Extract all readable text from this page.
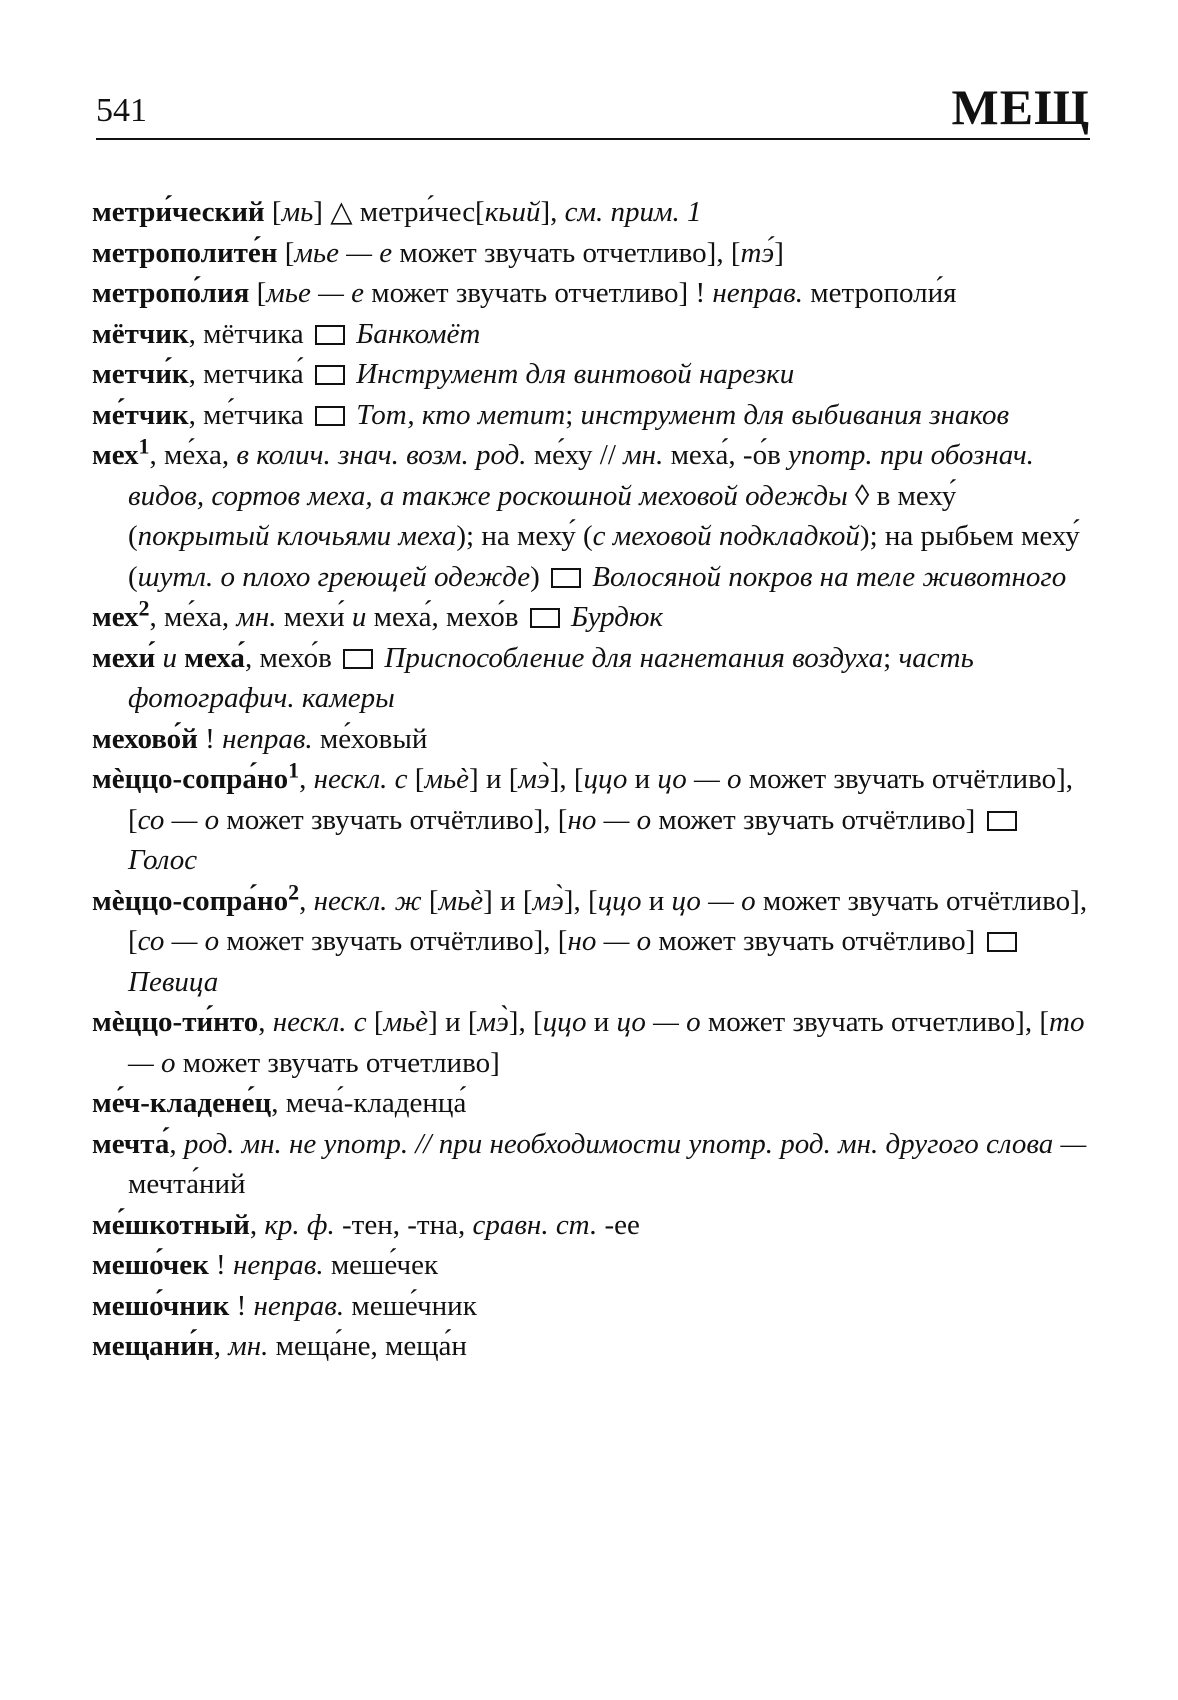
541	МЕЩ

метри́ческий [мь] △ метри́чес[кьий], см. прим. 1

метрополите́н [мье — е может звучать отчетливо], [тэ́]

метропо́лия [мье — е может звучать отчетливо] ! неправ. метрополи́я

мётчик, мётчика  Банкомёт

метчи́к, метчика́  Инструмент для винтовой нарезки

ме́тчик, ме́тчика  Тот, кто метит; инструмент для выбивания знаков

мех$^1$, ме́ха, в колич. знач. возм. род. ме́ху // мн. меха́, -о́в употр. при обознач. видов, сортов меха, а также роскошной меховой одежды ◊ в меху́ (покрытый клочьями меха); на меху́ (с меховой подкладкой); на рыбьем меху́ (шутл. о плохо греющей одежде)  Волосяной покров на теле животного

мех$^2$, ме́ха, мн. мехи́ и меха́, мехо́в  Бурдюк

мехи́ и меха́, мехо́в  Приспособление для нагнетания воздуха; часть фотографич. камеры

мехово́й ! неправ. ме́ховый

мѐццо-$сопра́но^1$, нескл. с [мьѐ] и [мэ̀], [ццо и цо — о может звучать отчётливо], [со — о может звучать отчётливо], [но — о может звучать отчётливо]  Голос

мѐццо-$сопра́но^2$, нескл. ж [мьѐ] и [мэ̀], [ццо и цо — о может звучать отчётливо], [со — о может звучать отчётливо], [но — о может звучать отчётливо]  Певица

мѐццо-ти́нто, нескл. с [мьѐ] и [мэ̀], [ццо и цо — о может звучать отчетливо], [то — о может звучать отчетливо]

ме́ч-кладене́ц, меча́-кладенца́

мечта́, род. мн. не употр. // при необходимости употр. род. мн. другого слова — мечта́ний

ме́шкотный, кр. ф. -тен, -тна, сравн. ст. -ее

мешо́чек ! неправ. меше́чек

мешо́чник ! неправ. меше́чник

мещани́н, мн. меща́не, меща́н
